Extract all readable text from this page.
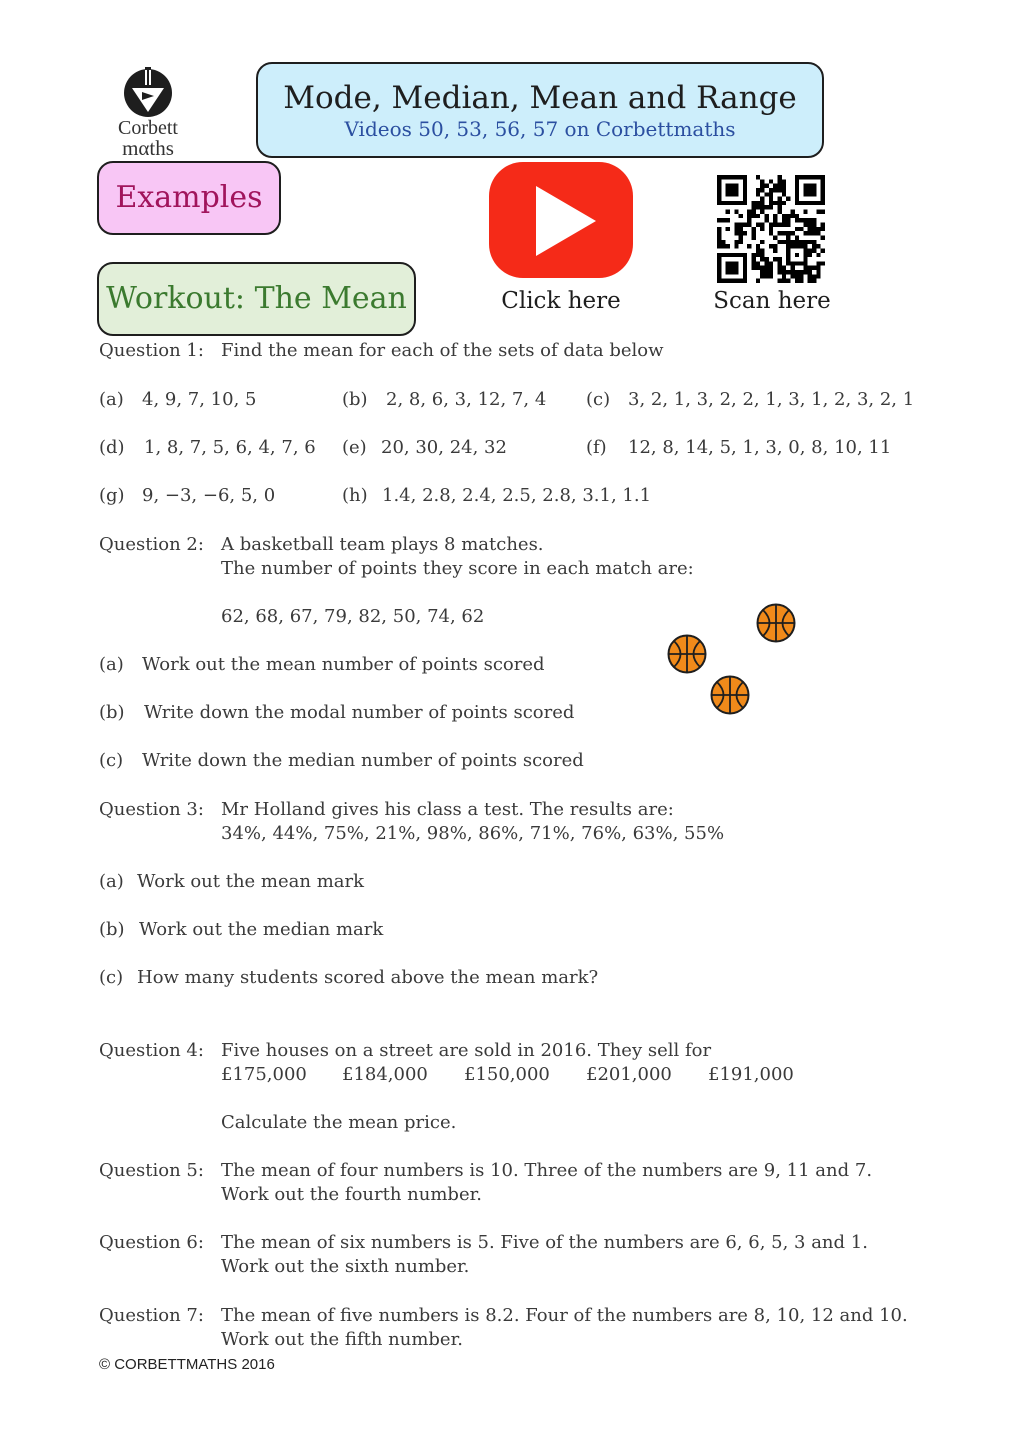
Corbett
mαths
Mode, Median, Mean and Range
Videos 50, 53, 56, 57 on Corbettmaths
Examples
Workout: The Mean	Click here	Scan here
Question 1: Find the mean for each of the sets of data below
(a) 4, 9, 7, 10, 5	(b) 2, 8, 6, 3, 12, 7, 4 (c) 3, 2, 1, 3, 2, 2, 1, 3, 1, 2, 3, 2, 1
(d) 1, 8, 7, 5, 6, 4, 7, 6 (e) 20, 30, 24, 32	(f) 12, 8, 14, 5, 1, 3, 0, 8, 10, 11
(g) 9, −3, −6, 5, 0	(h) 1.4, 2.8, 2.4, 2.5, 2.8, 3.1, 1.1
Question 2: A basketball team plays 8 matches.
The number of points they score in each match are:
62, 68, 67, 79, 82, 50, 74, 62
(a) Work out the mean number of points scored
(b) Write down the modal number of points scored
(c) Write down the median number of points scored
Question 3: Mr Holland gives his class a test. The results are:
34%, 44%, 75%, 21%, 98%, 86%, 71%, 76%, 63%, 55%
(a) Work out the mean mark
(b) Work out the median mark
(c) How many students scored above the mean mark?
Question 4: Five houses on a street are sold in 2016. They sell for
£175,000 £184,000 £150,000 £201,000 £191,000
Calculate the mean price.
Question 5: The mean of four numbers is 10. Three of the numbers are 9, 11 and 7.
Work out the fourth number.
Question 6: The mean of six numbers is 5. Five of the numbers are 6, 6, 5, 3 and 1.
Work out the sixth number.
Question 7: The mean of five numbers is 8.2. Four of the numbers are 8, 10, 12 and 10.
Work out the fifth number.
© CORBETTMATHS 2016
